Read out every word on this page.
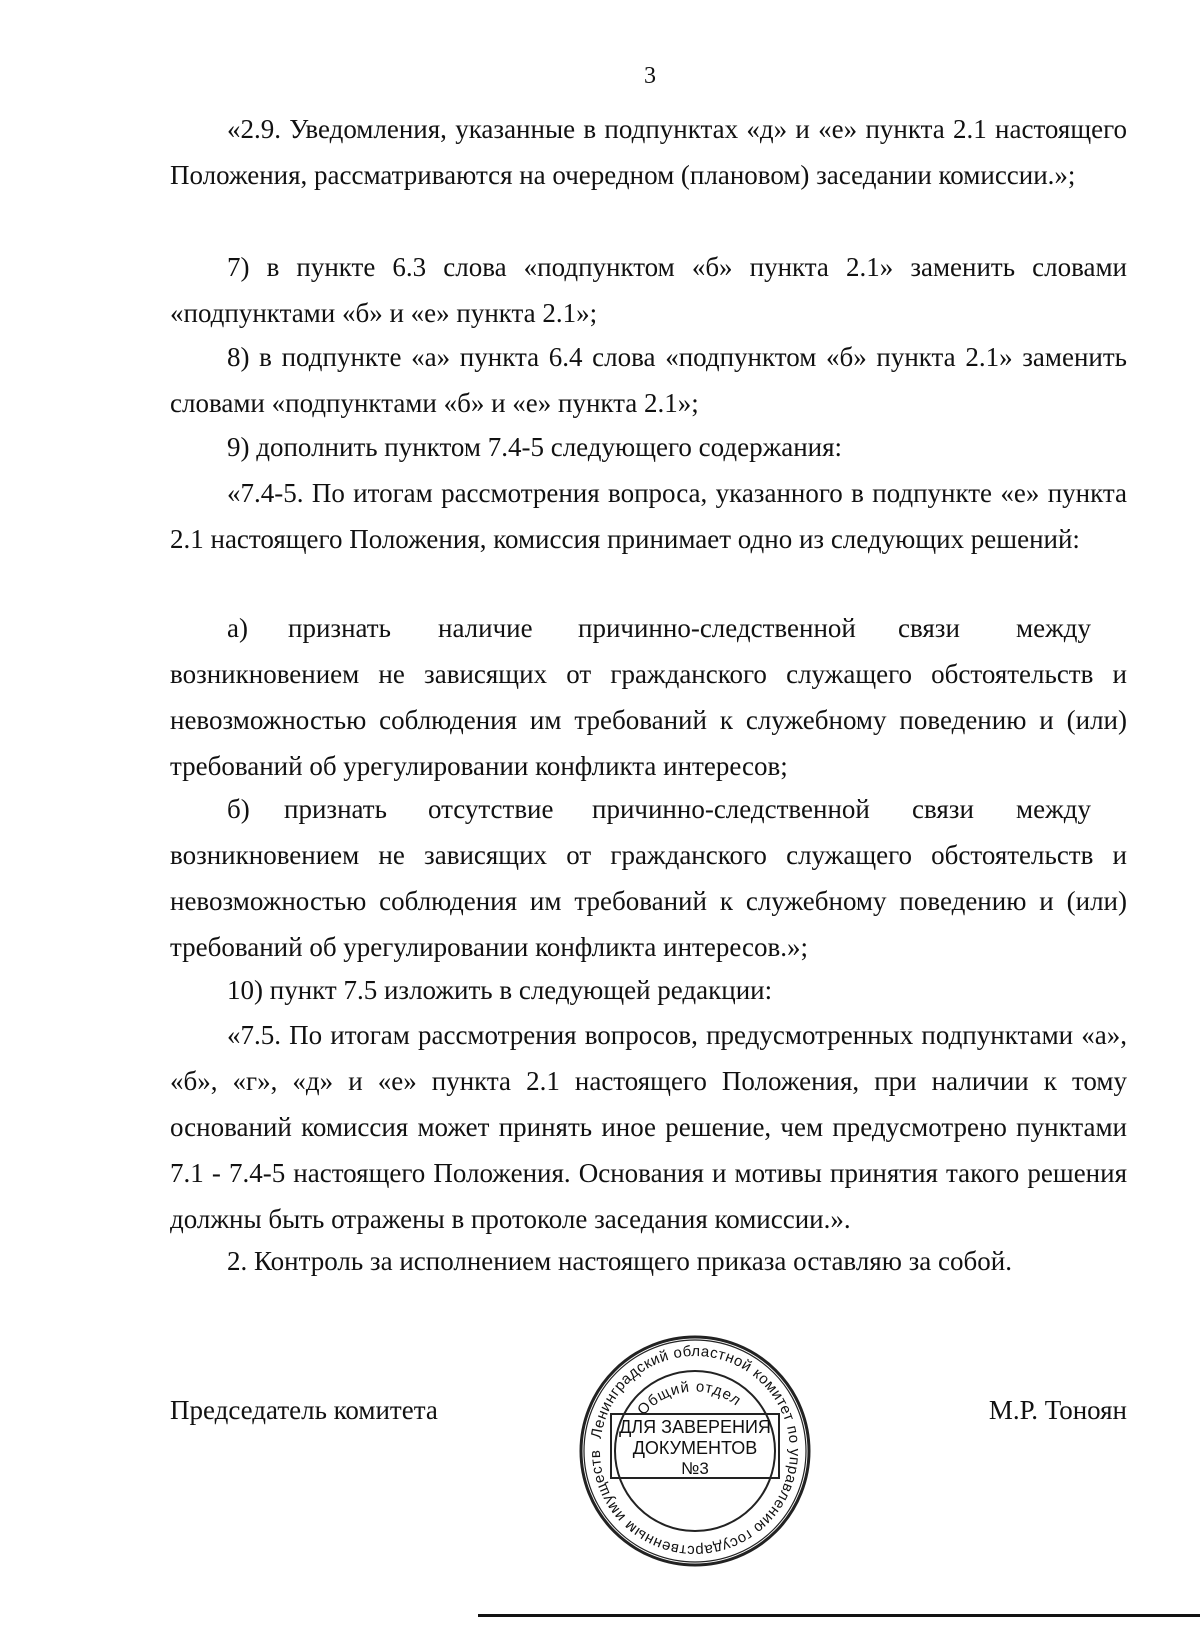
3

«2.9. Уведомления, указанные в подпунктах «д» и «е» пункта 2.1 настоящего Положения, рассматриваются на очередном (плановом) заседании комиссии.»;

7) в пункте 6.3 слова «подпунктом «б» пункта 2.1» заменить словами «подпунктами «б» и «е» пункта 2.1»;

8) в подпункте «а» пункта 6.4 слова «подпунктом «б» пункта 2.1» заменить словами «подпунктами «б» и «е» пункта 2.1»;

9) дополнить пунктом 7.4-5 следующего содержания:

«7.4-5. По итогам рассмотрения вопроса, указанного в подпункте «е» пункта 2.1 настоящего Положения, комиссия принимает одно из следующих решений:

а) признать наличие причинно-следственной связи между

возникновением не зависящих от гражданского служащего обстоятельств и невозможностью соблюдения им требований к служебному поведению и (или) требований об урегулировании конфликта интересов;

б) признать отсутствие причинно-следственной связи между

возникновением не зависящих от гражданского служащего обстоятельств и невозможностью соблюдения им требований к служебному поведению и (или) требований об урегулировании конфликта интересов.»;

10) пункт 7.5 изложить в следующей редакции:

«7.5. По итогам рассмотрения вопросов, предусмотренных подпунктами «а», «б», «г», «д» и «е» пункта 2.1 настоящего Положения, при наличии к тому оснований комиссия может принять иное решение, чем предусмотрено пунктами 7.1 - 7.4-5 настоящего Положения. Основания и мотивы принятия такого решения должны быть отражены в протоколе заседания комиссии.».

2. Контроль за исполнением настоящего приказа оставляю за собой.

Председатель комитета	М.Р. Тоноян
Ленинградский областной комитет по управлению государственным имуществ
Общий отдел
ДЛЯ ЗАВЕРЕНИЯ
ДОКУМЕНТОВ
№3
